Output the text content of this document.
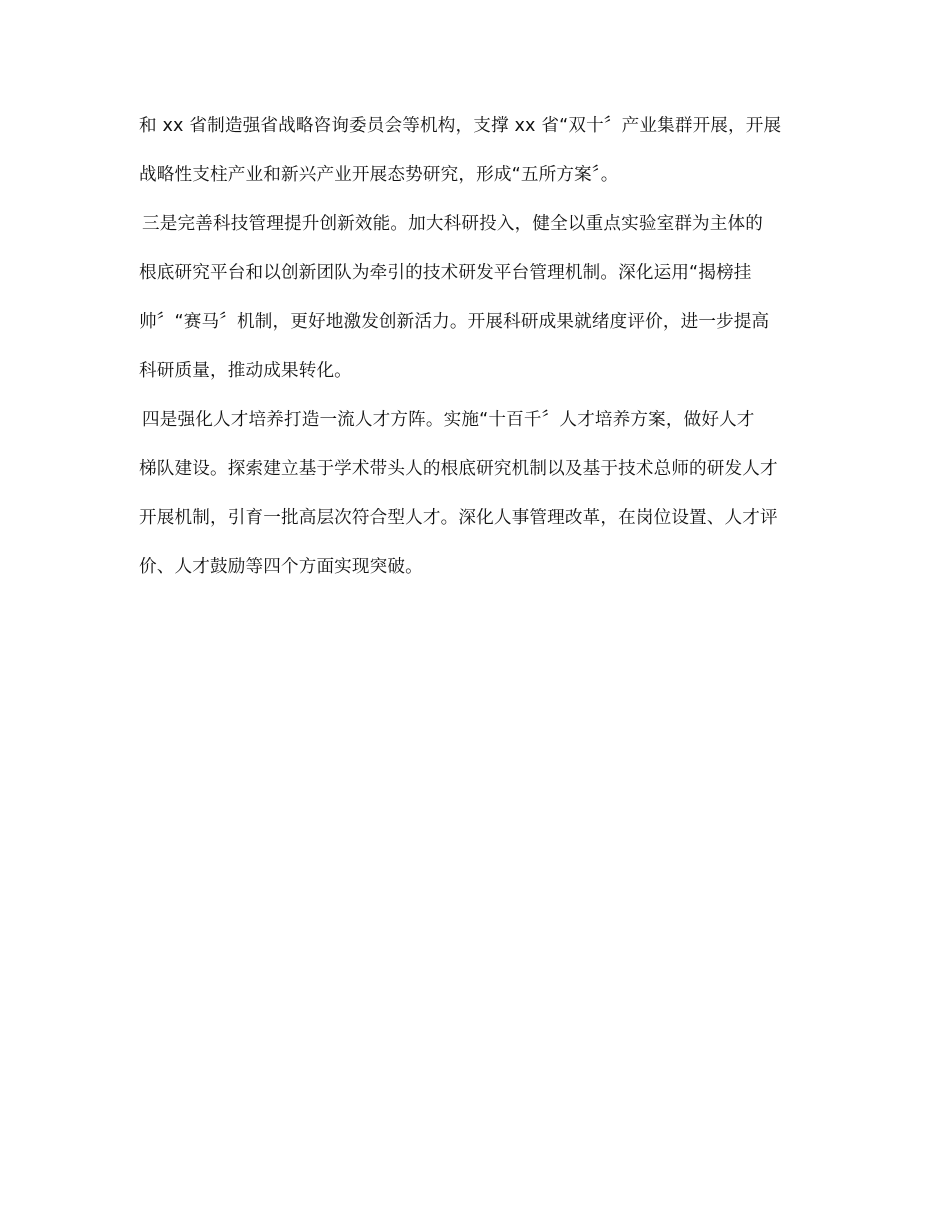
和 xx 省制造强省战略咨询委员会等机构，支撑 xx 省“双十〞产业集群开展，开展
战略性支柱产业和新兴产业开展态势研究，形成“五所方案〞。
三是完善科技管理提升创新效能。加大科研投入，健全以重点实验室群为主体的
根底研究平台和以创新团队为牵引的技术研发平台管理机制。深化运用“揭榜挂
帅〞“赛马〞机制，更好地激发创新活力。开展科研成果就绪度评价，进一步提高
科研质量，推动成果转化。
四是强化人才培养打造一流人才方阵。实施“十百千〞人才培养方案，做好人才
梯队建设。探索建立基于学术带头人的根底研究机制以及基于技术总师的研发人才
开展机制，引育一批高层次符合型人才。深化人事管理改革，在岗位设置、人才评
价、人才鼓励等四个方面实现突破。
